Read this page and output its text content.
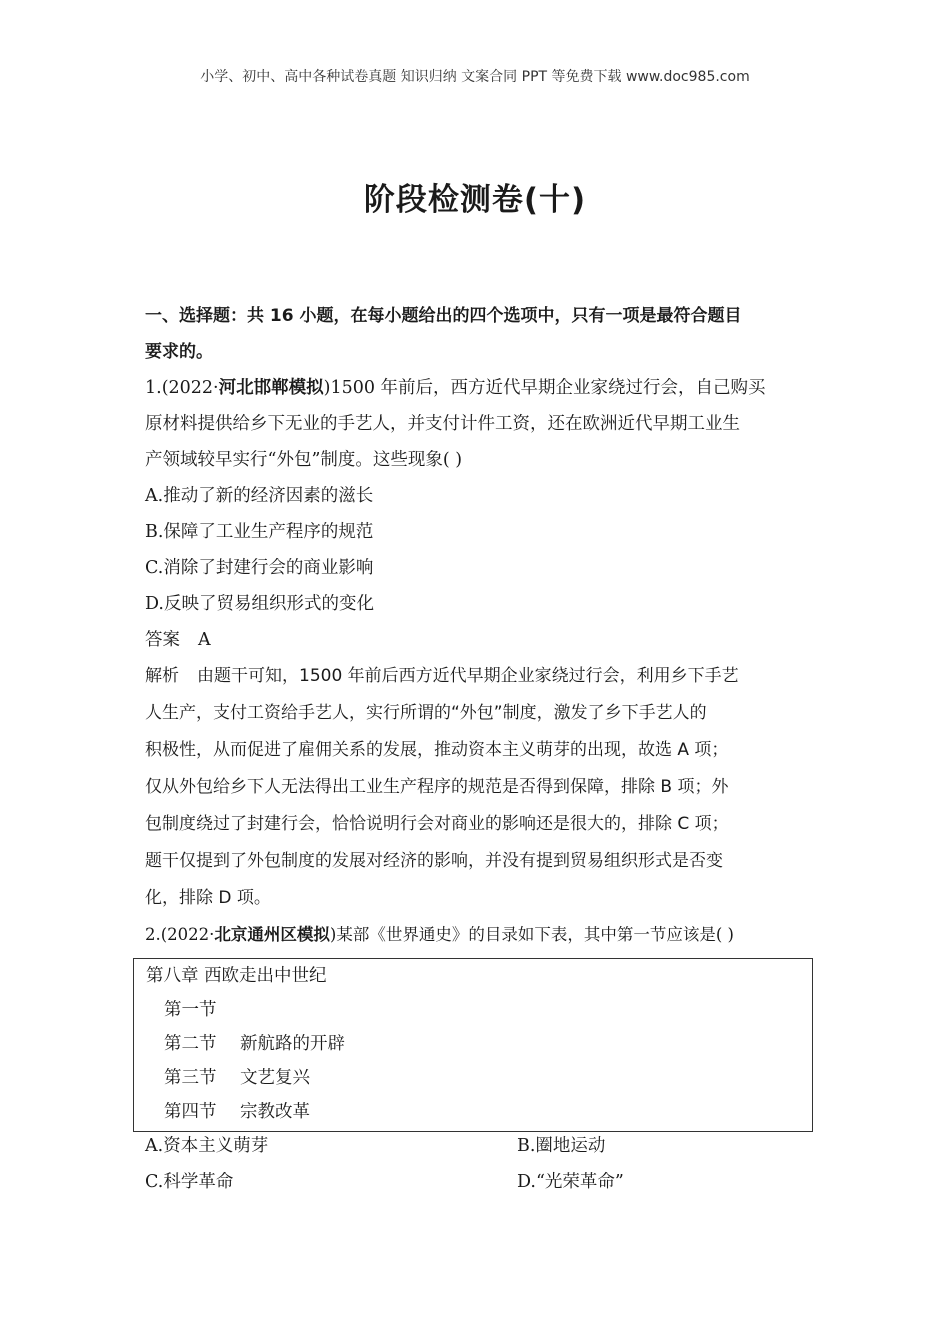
小学、初中、高中各种试卷真题 知识归纳 文案合同 PPT 等免费下载 www.doc985.com
阶段检测卷(十)

一、选择题：共 16 小题，在每小题给出的四个选项中，只有一项是最符合题目

要求的。

1.(2022·河北邯郸模拟)1500 年前后，西方近代早期企业家绕过行会，自己购买

原材料提供给乡下无业的手艺人，并支付计件工资，还在欧洲近代早期工业生

产领域较早实行“外包”制度。这些现象( )

A.推动了新的经济因素的滋长

B.保障了工业生产程序的规范

C.消除了封建行会的商业影响

D.反映了贸易组织形式的变化

答案 A

解析 由题干可知，1500 年前后西方近代早期企业家绕过行会，利用乡下手艺

人生产，支付工资给手艺人，实行所谓的“外包”制度，激发了乡下手艺人的

积极性，从而促进了雇佣关系的发展，推动资本主义萌芽的出现，故选 A 项；

仅从外包给乡下人无法得出工业生产程序的规范是否得到保障，排除 B 项；外

包制度绕过了封建行会，恰恰说明行会对商业的影响还是很大的，排除 C 项；

题干仅提到了外包制度的发展对经济的影响，并没有提到贸易组织形式是否变

化，排除 D 项。

2.(2022·北京通州区模拟)某部《世界通史》的目录如下表，其中第一节应该是( )

第八章 西欧走出中世纪
第一节
第二节 新航路的开辟
第三节 文艺复兴
第四节 宗教改革
A.资本主义萌芽	B.圈地运动
C.科学革命	D.“光荣革命”
